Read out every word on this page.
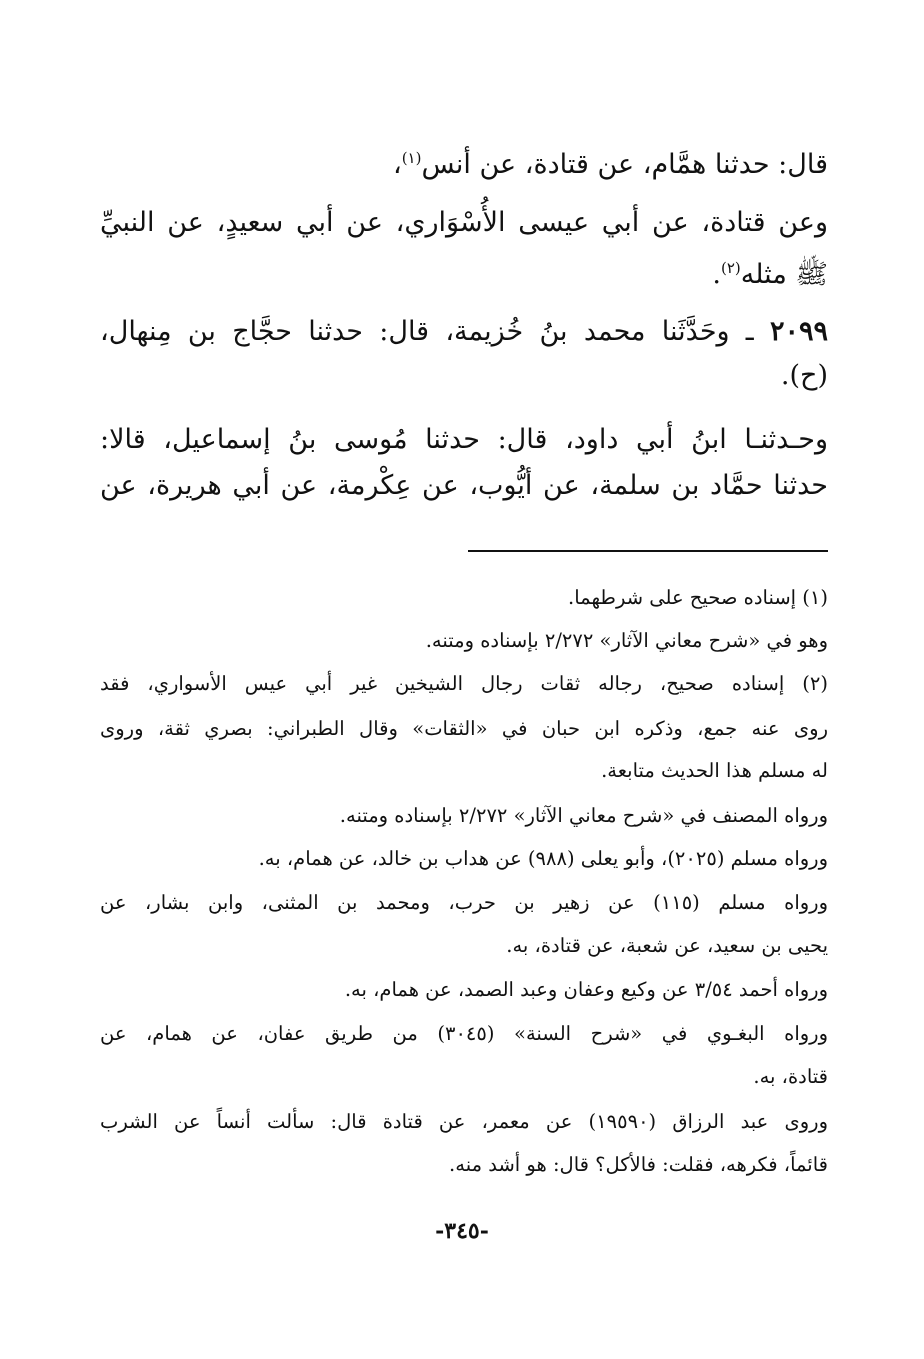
قال: حدثنا همَّام، عن قتادة، عن أنس$^{(١)}$،
وعن قتادة، عن أبي عيسى الأُسْوَاري، عن أبي سعيدٍ، عن النبيِّ
ﷺ مثله$^{(٢)}$.
٢٠٩٩ ـ وحَدَّثَنا محمد بنُ خُزيمة، قال: حدثنا حجَّاج بن مِنهال،
(ح).
وحـدثنـا ابنُ أبي داود، قال: حدثنا مُوسى بنُ إسماعيل، قالا:
حدثنا حمَّاد بن سلمة، عن أيُّوب، عن عِكْرمة، عن أبي هريرة، عن
(١) إسناده صحيح على شرطهما.
وهو في «شرح معاني الآثار» ٢/٢٧٢ بإسناده ومتنه.
(٢) إسناده صحيح، رجاله ثقات رجال الشيخين غير أبي عيس الأسواري، فقد
روى عنه جمع، وذكره ابن حبان في «الثقات» وقال الطبراني: بصري ثقة، وروى
له مسلم هذا الحديث متابعة.
ورواه المصنف في «شرح معاني الآثار» ٢/٢٧٢ بإسناده ومتنه.
ورواه مسلم (٢٠٢٥)، وأبو يعلى (٩٨٨) عن هداب بن خالد، عن همام، به.
ورواه مسلم (١١٥) عن زهير بن حرب، ومحمد بن المثنى، وابن بشار، عن
يحيى بن سعيد، عن شعبة، عن قتادة، به.
ورواه أحمد ٣/٥٤ عن وكيع وعفان وعبد الصمد، عن همام، به.
ورواه البغـوي في «شرح السنة» (٣٠٤٥) من طريق عفان، عن همام، عن
قتادة، به.
وروى عبد الرزاق (١٩٥٩٠) عن معمر، عن قتادة قال: سألت أنساً عن الشرب
قائماً، فكرهه، فقلت: فالأكل؟ قال: هو أشد منه.
-٣٤٥-
